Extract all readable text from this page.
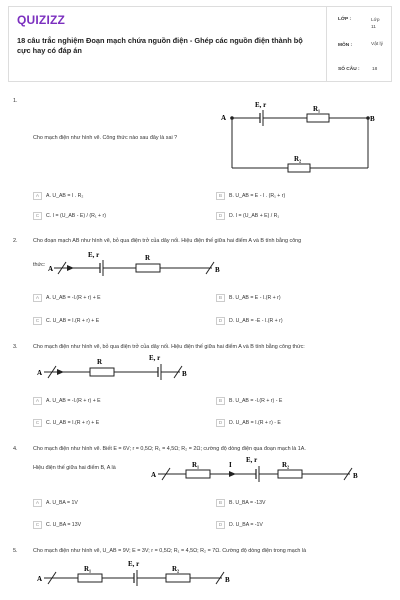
QUIZIZZ
18 câu trắc nghiệm Đoạn mạch chứa nguồn điện - Ghép các nguồn điện thành bộ cực hay có đáp án
LỚP :	Lớp 11
MÔN :	Vật lý
SỐ CÂU :	18
1.
Cho mạch điện như hình vẽ. Công thức nào sau đây là sai ?
A	B
E, r	R₁
R₂
A	A. U_AB = I . R₂	B	B. U_AB = E - I . (R₁ + r)
C	C. I = (U_AB - E) / (R₁ + r)	D	D. I = (U_AB + E) / R₁
2.	Cho đoạn mạch AB như hình vẽ, bỏ qua điện trở của dây nối. Hiệu điện thế giữa hai điểm A và B tính bằng công
thức: A	B
E, r	R
A	A. U_AB = -I.(R + r) + E	B	B. U_AB = E - I.(R + r)
C	C. U_AB = I.(R + r) + E	D	D. U_AB = -E - I.(R + r)
3.	Cho mạch điện như hình vẽ, bỏ qua điện trở của dây nối. Hiệu điện thế giữa hai điểm A và B tính bằng công thức:
A	B
E, r
R
A	A. U_AB = -I.(R + r) + E	B	B. U_AB = -I.(R + r) - E
C	C. U_AB = I.(R + r) + E	D	D. U_AB = I.(R + r) - E
4.	Cho mạch điện như hình vẽ. Biết E = 6V; r = 0,5Ω; R₁ = 4,5Ω; R₂ = 2Ω; cường độ dòng điện qua đoạn mạch là 1A.
Hiệu điện thế giữa hai điểm B, A là
A	B
E, r
R₁	R₂
I
A	A. U_BA = 1V	B	B. U_BA = -13V
C	C. U_BA = 13V	D	D. U_BA = -1V
5.	Cho mạch điện như hình vẽ, U_AB = 9V; E = 3V; r = 0,5Ω; R₁ = 4,5Ω; R₂ = 7Ω. Cường độ dòng điện trong mạch là
A	B
E, r
R₁	R₂
